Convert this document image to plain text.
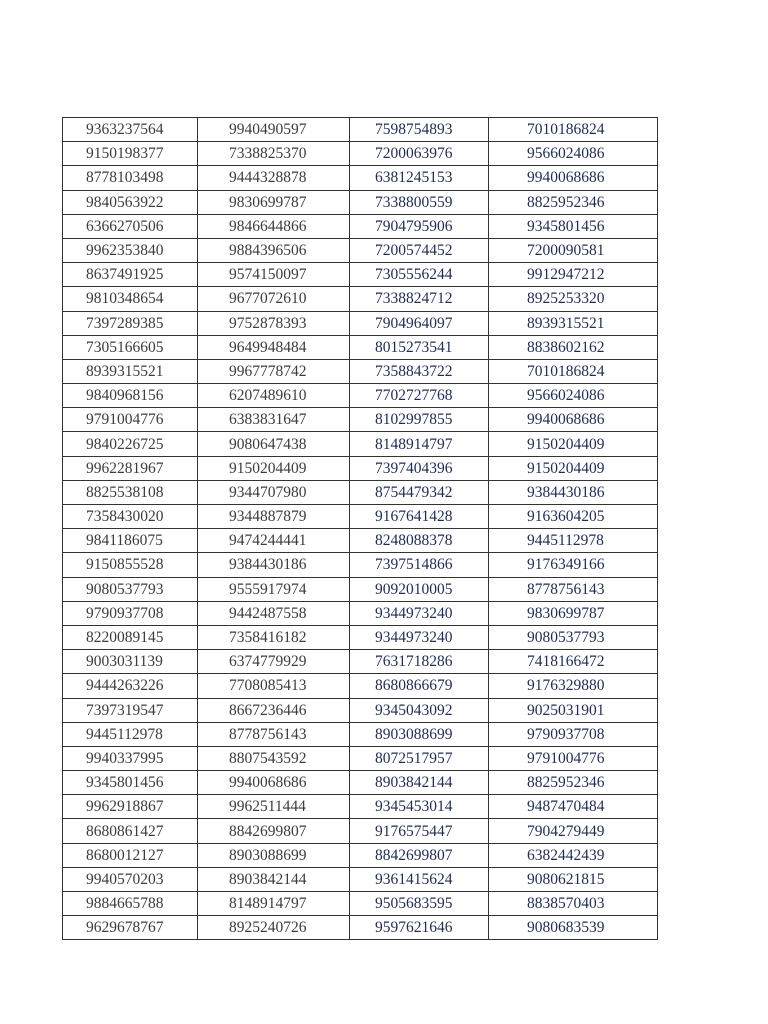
9363237564	9940490597	7598754893	7010186824
9150198377	7338825370	7200063976	9566024086
8778103498	9444328878	6381245153	9940068686
9840563922	9830699787	7338800559	8825952346
6366270506	9846644866	7904795906	9345801456
9962353840	9884396506	7200574452	7200090581
8637491925	9574150097	7305556244	9912947212
9810348654	9677072610	7338824712	8925253320
7397289385	9752878393	7904964097	8939315521
7305166605	9649948484	8015273541	8838602162
8939315521	9967778742	7358843722	7010186824
9840968156	6207489610	7702727768	9566024086
9791004776	6383831647	8102997855	9940068686
9840226725	9080647438	8148914797	9150204409
9962281967	9150204409	7397404396	9150204409
8825538108	9344707980	8754479342	9384430186
7358430020	9344887879	9167641428	9163604205
9841186075	9474244441	8248088378	9445112978
9150855528	9384430186	7397514866	9176349166
9080537793	9555917974	9092010005	8778756143
9790937708	9442487558	9344973240	9830699787
8220089145	7358416182	9344973240	9080537793
9003031139	6374779929	7631718286	7418166472
9444263226	7708085413	8680866679	9176329880
7397319547	8667236446	9345043092	9025031901
9445112978	8778756143	8903088699	9790937708
9940337995	8807543592	8072517957	9791004776
9345801456	9940068686	8903842144	8825952346
9962918867	9962511444	9345453014	9487470484
8680861427	8842699807	9176575447	7904279449
8680012127	8903088699	8842699807	6382442439
9940570203	8903842144	9361415624	9080621815
9884665788	8148914797	9505683595	8838570403
9629678767	8925240726	9597621646	9080683539
